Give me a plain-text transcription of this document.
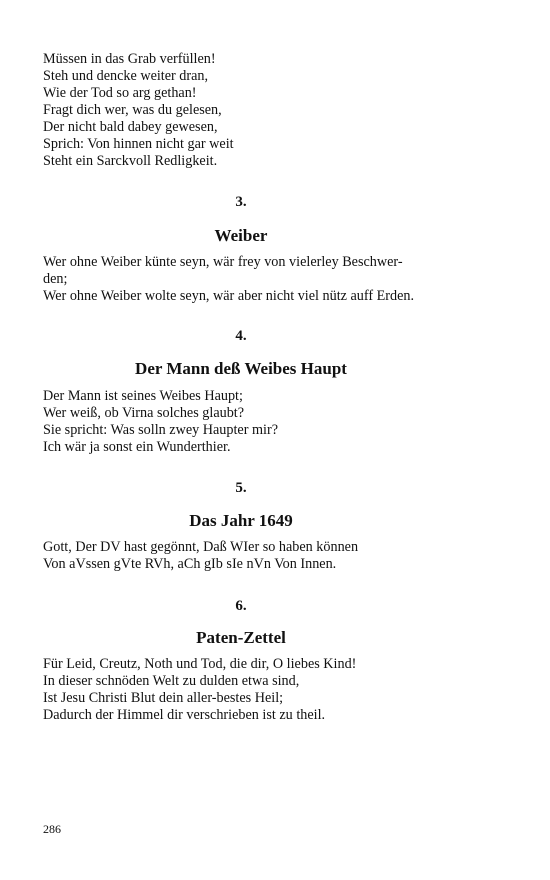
Müssen in das Grab verfüllen!
Steh und dencke weiter dran,
Wie der Tod so arg gethan!
Fragt dich wer, was du gelesen,
Der nicht bald dabey gewesen,
Sprich: Von hinnen nicht gar weit
Steht ein Sarckvoll Redligkeit.
3.
Weiber
Wer ohne Weiber künte seyn, wär frey von vielerley Beschwer-
den;
Wer ohne Weiber wolte seyn, wär aber nicht viel nütz auff Erden.
4.
Der Mann deß Weibes Haupt
Der Mann ist seines Weibes Haupt;
Wer weiß, ob Virna solches glaubt?
Sie spricht: Was solln zwey Haupter mir?
Ich wär ja sonst ein Wunderthier.
5.
Das Jahr 1649
Gott, Der DV hast gegönnt, Daß WIer so haben können
Von aVssen gVte RVh, aCh gIb sIe nVn Von Innen.
6.
Paten-Zettel
Für Leid, Creutz, Noth und Tod, die dir, O liebes Kind!
In dieser schnöden Welt zu dulden etwa sind,
Ist Jesu Christi Blut dein aller-bestes Heil;
Dadurch der Himmel dir verschrieben ist zu theil.
286
